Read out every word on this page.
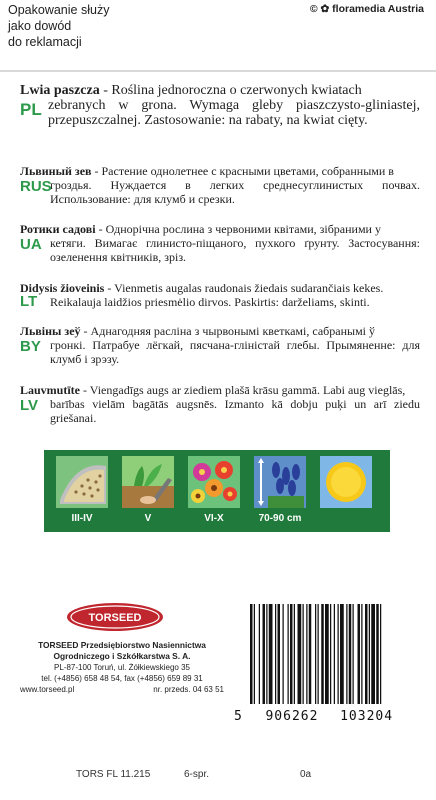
Opakowanie służy
jako dowód
do reklamacji
© ✿ floramedia Austria
PL

Lwia paszcza - Roślina jednoroczna o czerwonych kwiatach

zebranych w grona. Wymaga gleby piaszczysto-gliniastej, przepuszczalnej. Zastosowanie: na rabaty, na kwiat cięty.

RUS

Львиный зев - Растение однолетнее с красными цветами, собранными в

гроздья. Нуждается в легких среднесуглинистых почвах. Использование: для клумб и срезки.

UA

Ротики садові - Однорічна рослина з червоними квітами, зібраними у

кетяги. Вимагає глинисто-піщаного, пухкого ґрунту. Застосування: озеленення квітників, зріз.

LT

Didysis žioveinis - Vienmetis augalas raudonais žiedais sudarančiais kekes.

Reikalauja laidžios priesmėlio dirvos. Paskirtis: darželiams, skinti.

BY

Львіны зеў - Аднагодняя расліна з чырвонымі кветкамі, сабранымі ў

гронкі. Патрабуе лёгкай, пясчана-гліністай глебы. Прымяненне: для клумб і зрэзу.

LV

Lauvmutīte - Viengadīgs augs ar ziediem plašā krāsu gammā. Labi aug vieglās,

barības vielām bagātās augsnēs. Izmanto kā dobju puķi un arī ziedu griešanai.

III-IV	V	VI-X	70-90 cm
TORSEED
TORSEED Przedsiębiorstwo Nasiennictwa
Ogrodniczego i Szkółkarstwa S. A.
PL-87-100 Toruń, ul. Żółkiewskiego 35
tel. (+4856) 658 48 54, fax (+4856) 659 89 31
www.torseed.pl	nr. przeds. 04 63 51
5 906262 103204
TORS FL 11.215	6-spr.	0a
